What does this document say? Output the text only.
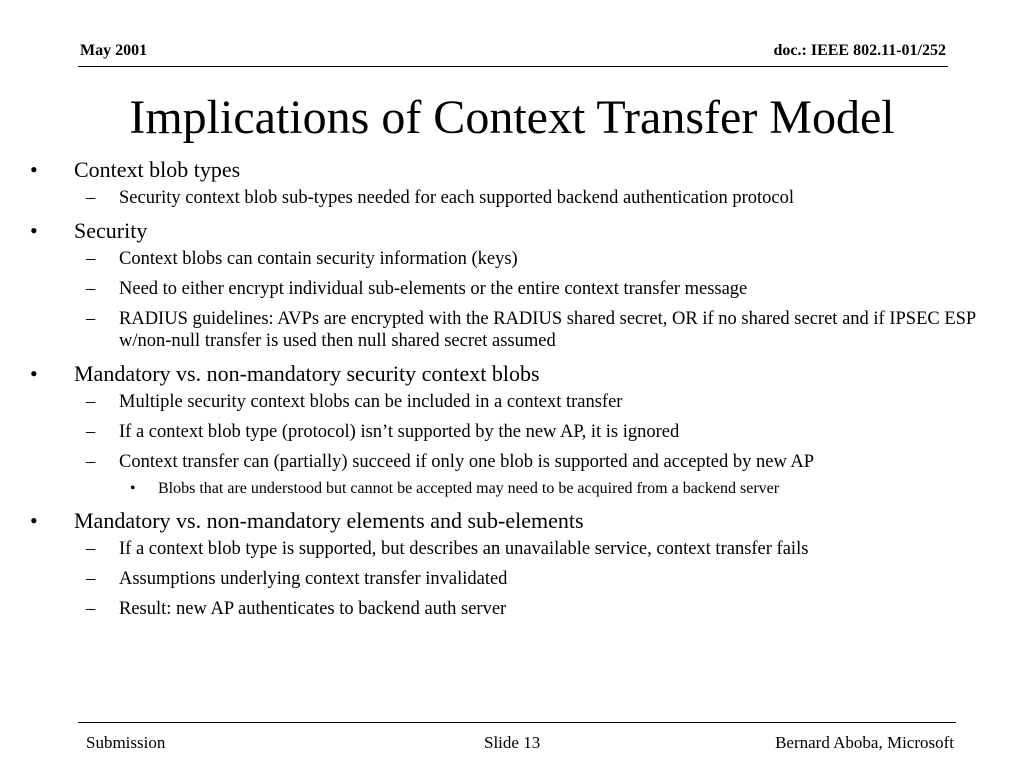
May 2001	doc.: IEEE 802.11-01/252
Implications of Context Transfer Model
•	Context blob types
– Security context blob sub-types needed for each supported backend authentication protocol
•	Security
– Context blobs can contain security information (keys)
– Need to either encrypt individual sub-elements or the entire context transfer message
– RADIUS guidelines: AVPs are encrypted with the RADIUS shared secret, OR if no shared secret and if IPSEC ESP w/non-null transfer is used then null shared secret assumed
•	Mandatory vs. non-mandatory security context blobs
– Multiple security context blobs can be included in a context transfer
– If a context blob type (protocol) isn’t supported by the new AP, it is ignored
– Context transfer can (partially) succeed if only one blob is supported and accepted by new AP
• Blobs that are understood but cannot be accepted may need to be acquired from a backend server
•	Mandatory vs. non-mandatory elements and sub-elements
– If a context blob type is supported, but describes an unavailable service, context transfer fails
– Assumptions underlying context transfer invalidated
– Result: new AP authenticates to backend auth server
Submission	Slide 13	Bernard Aboba, Microsoft
